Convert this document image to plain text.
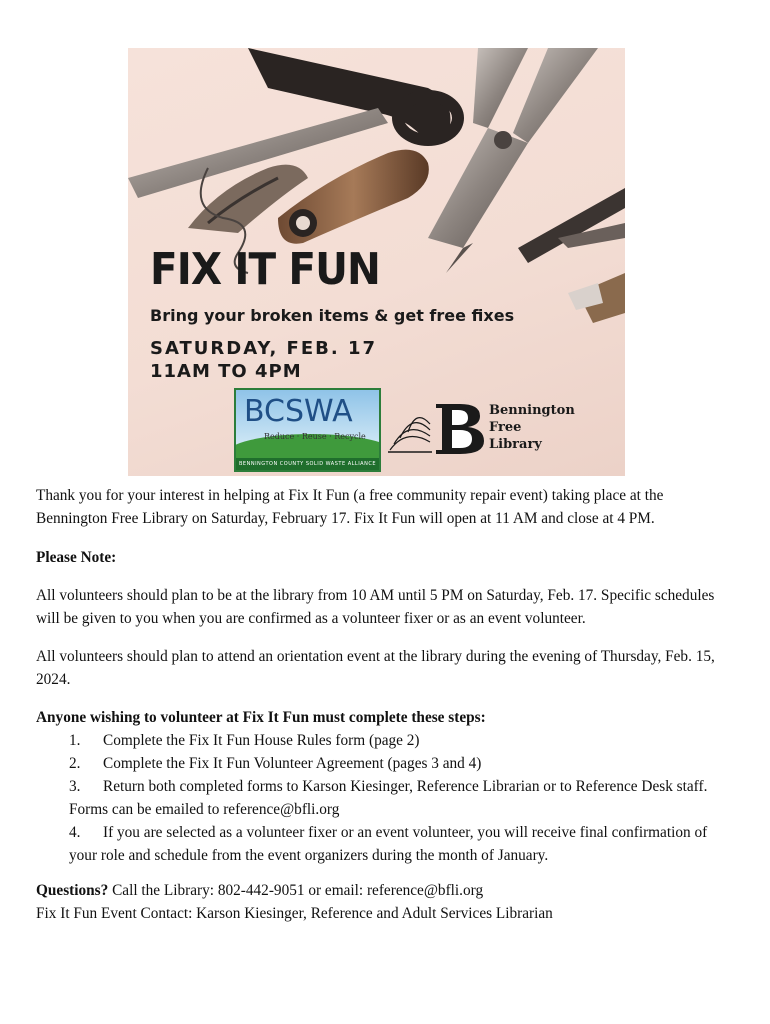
FIX IT FUN
Bring your broken items & get free fixes
SATURDAY, FEB. 17
11AM TO 4PM
BCSWA
Reduce · Reuse · Recycle
BENNINGTON COUNTY SOLID WASTE ALLIANCE
Bennington
Free
Library

Thank you for your interest in helping at Fix It Fun (a free community repair event) taking place at the Bennington Free Library on Saturday, February 17. Fix It Fun will open at 11 AM and close at 4 PM.

Please Note:

All volunteers should plan to be at the library from 10 AM until 5 PM on Saturday, Feb. 17. Specific schedules will be given to you when you are confirmed as a volunteer fixer or as an event volunteer.

All volunteers should plan to attend an orientation event at the library during the evening of Thursday, Feb. 15, 2024.

Anyone wishing to volunteer at Fix It Fun must complete these steps:

1.	Complete the Fix It Fun House Rules form (page 2)
2.	Complete the Fix It Fun Volunteer Agreement (pages 3 and 4)
3.	Return both completed forms to Karson Kiesinger, Reference Librarian or to Reference Desk staff. Forms can be emailed to reference@bfli.org
4.	If you are selected as a volunteer fixer or an event volunteer, you will receive final confirmation of your role and schedule from the event organizers during the month of January.

Questions? Call the Library: 802-442-9051 or email: reference@bfli.org

Fix It Fun Event Contact: Karson Kiesinger, Reference and Adult Services Librarian
